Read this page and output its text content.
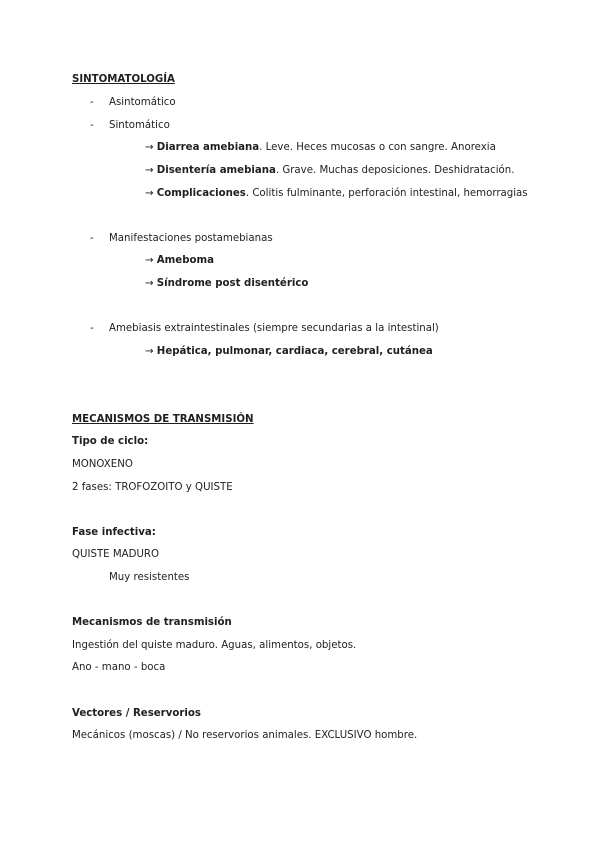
SINTOMATOLOGÍA
- Asintomático
- Sintomático
→ Diarrea amebiana. Leve. Heces mucosas o con sangre. Anorexia
→ Disentería amebiana. Grave. Muchas deposiciones. Deshidratación.
→ Complicaciones. Colitis fulminante, perforación intestinal, hemorragias
- Manifestaciones postamebianas
→ Ameboma
→ Síndrome post disentérico
- Amebiasis extraintestinales (siempre secundarias a la intestinal)
→ Hepática, pulmonar, cardiaca, cerebral, cutánea
MECANISMOS DE TRANSMISIÓN
Tipo de ciclo:
MONOXENO
2 fases: TROFOZOITO y QUISTE
Fase infectiva:
QUISTE MADURO
Muy resistentes
Mecanismos de transmisión
Ingestión del quiste maduro. Aguas, alimentos, objetos.
Ano - mano - boca
Vectores / Reservorios
Mecánicos (moscas) / No reservorios animales. EXCLUSIVO hombre.
